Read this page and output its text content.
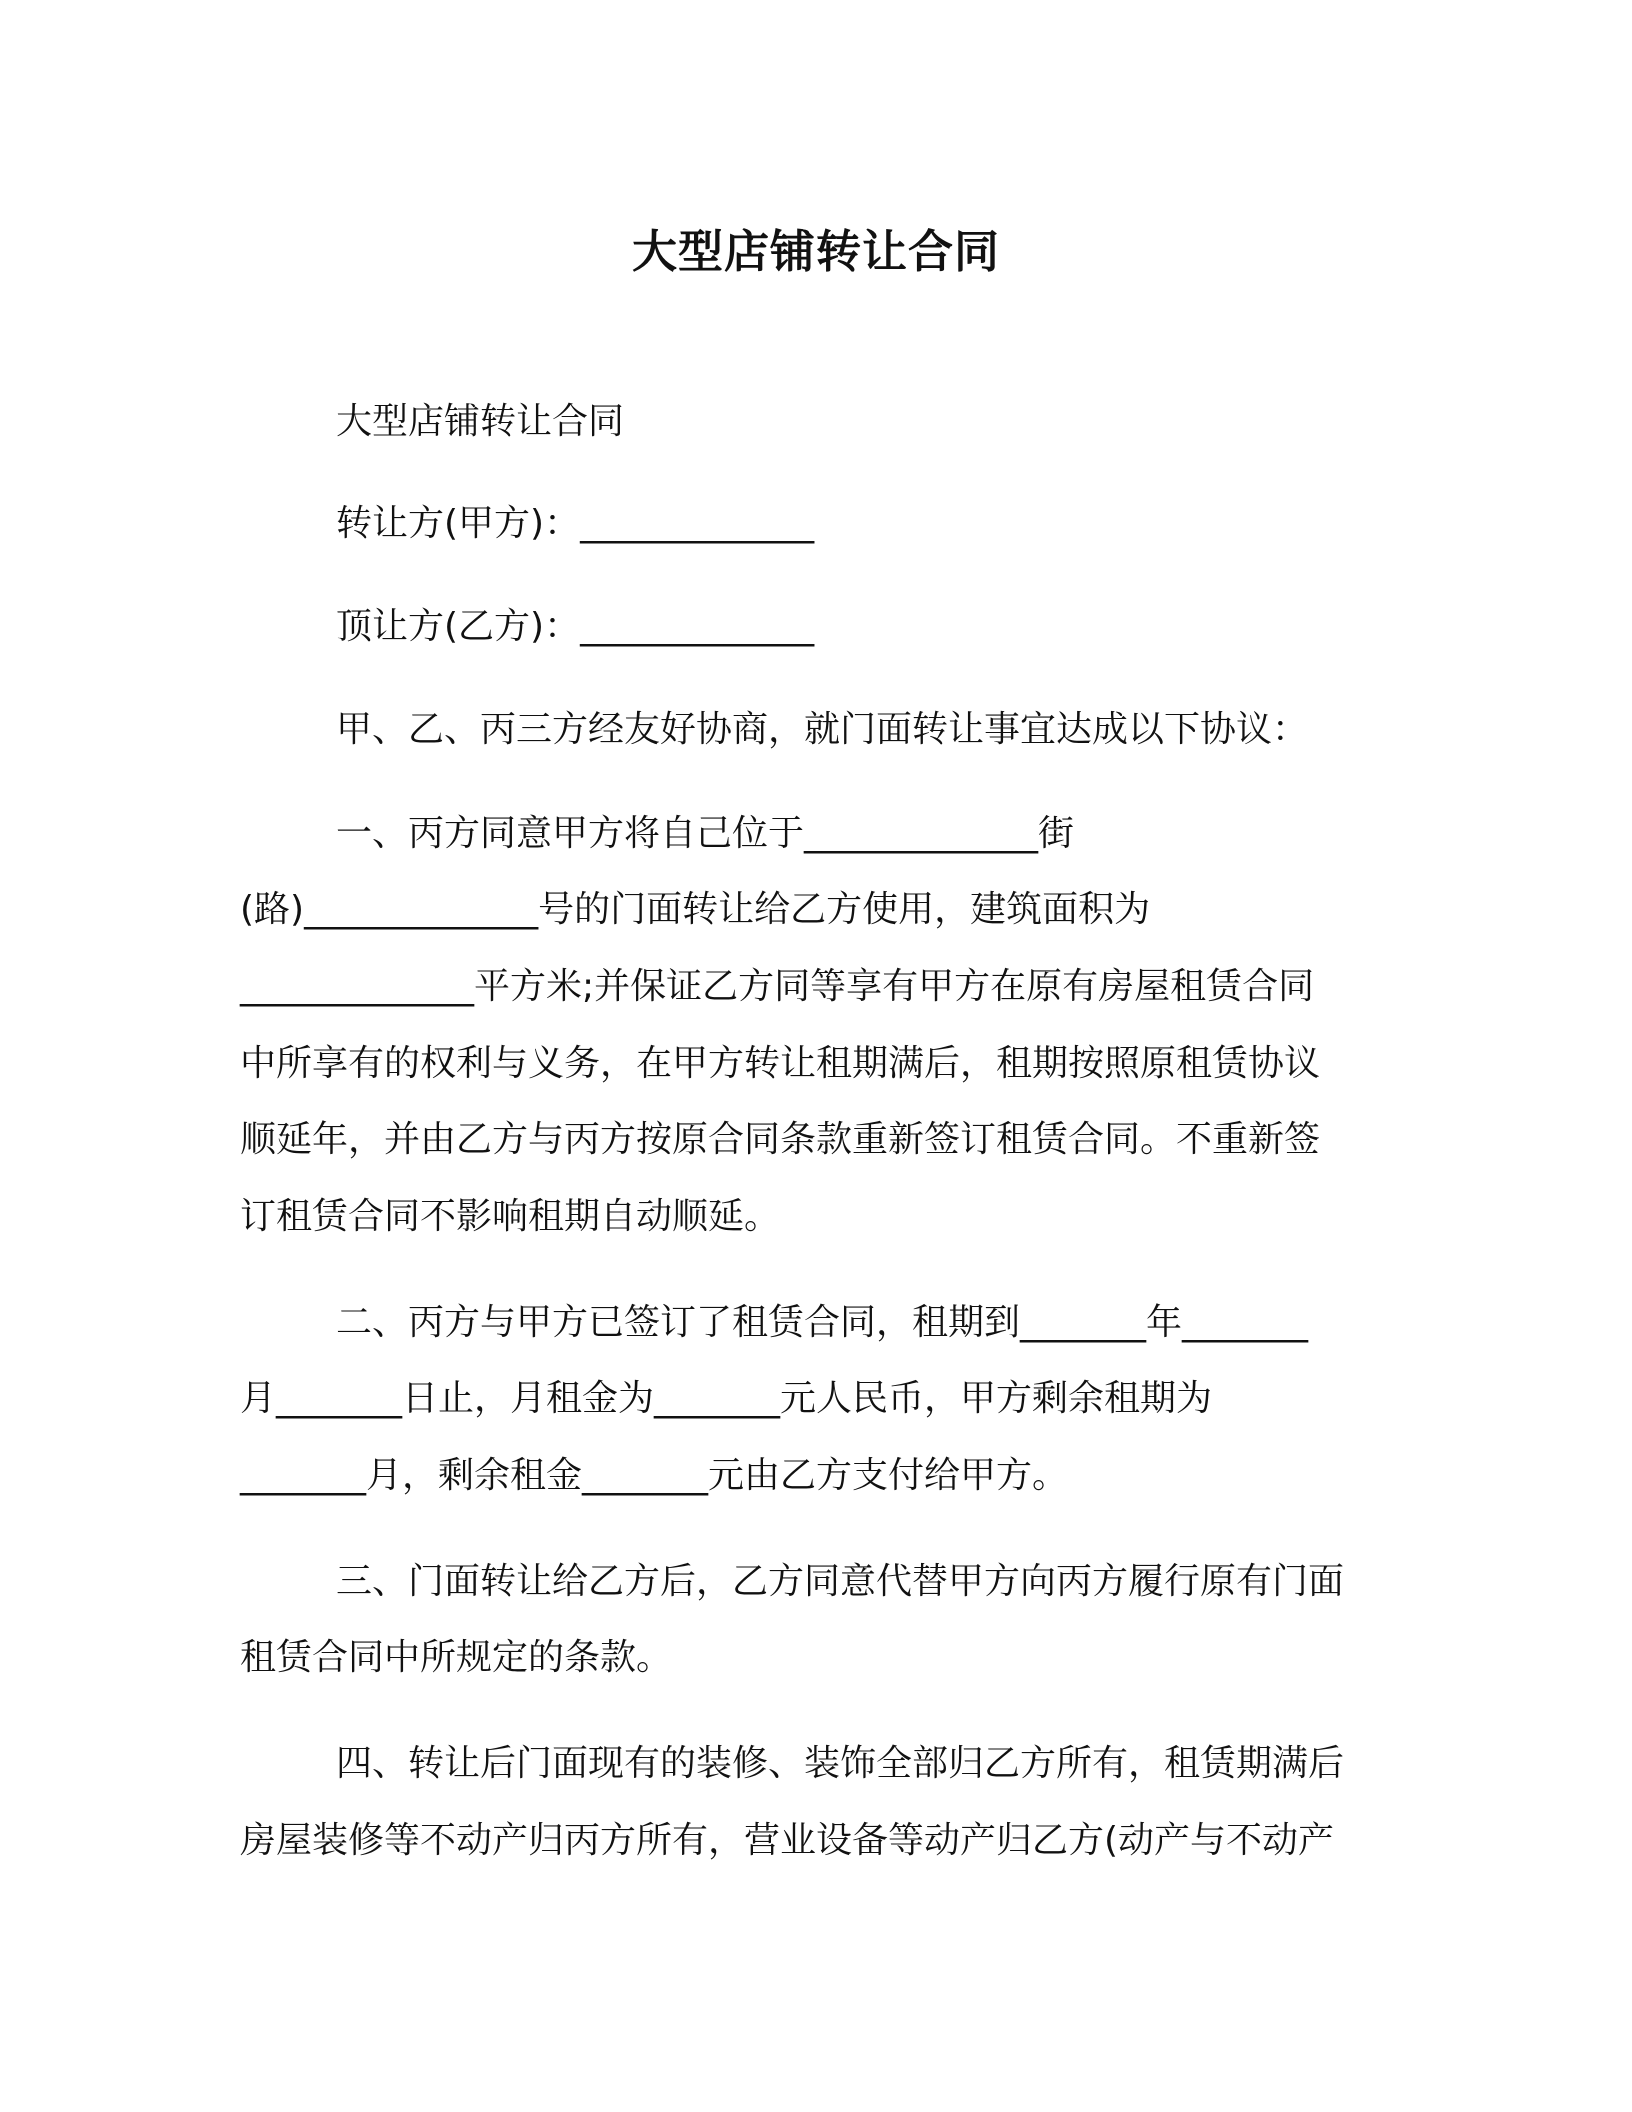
大型店铺转让合同
大型店铺转让合同
转让方(甲方)：_____________
顶让方(乙方)：_____________
甲、乙、丙三方经友好协商，就门面转让事宜达成以下协议：
一、丙方同意甲方将自己位于_____________街
(路)_____________号的门面转让给乙方使用，建筑面积为
_____________平方米;并保证乙方同等享有甲方在原有房屋租赁合同
中所享有的权利与义务，在甲方转让租期满后，租期按照原租赁协议
顺延年，并由乙方与丙方按原合同条款重新签订租赁合同。不重新签
订租赁合同不影响租期自动顺延。
二、丙方与甲方已签订了租赁合同，租期到_______年_______
月_______日止，月租金为_______元人民币，甲方剩余租期为
_______月，剩余租金_______元由乙方支付给甲方。
三、门面转让给乙方后，乙方同意代替甲方向丙方履行原有门面
租赁合同中所规定的条款。
四、转让后门面现有的装修、装饰全部归乙方所有，租赁期满后
房屋装修等不动产归丙方所有，营业设备等动产归乙方(动产与不动产
